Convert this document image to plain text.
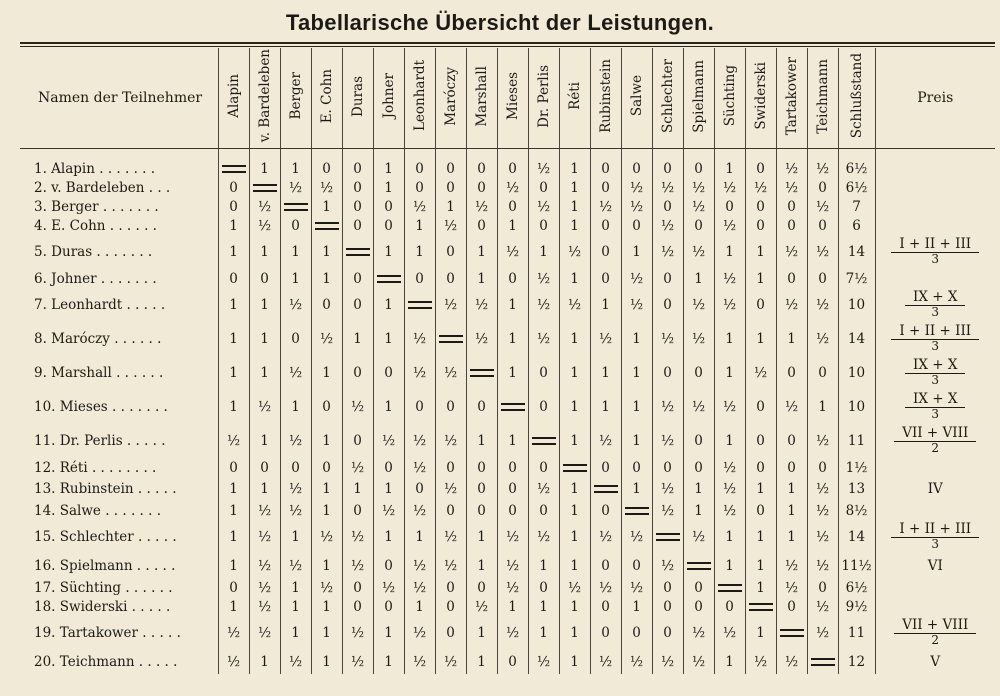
Tabellarische Übersicht der Leistungen.
Namen der Teilnehmer	Alapin	v. Bardeleben	Berger	E. Cohn	Duras	Johner	Leonhardt	Maróczy	Marshall	Mieses	Dr. Perlis	Réti	Rubinstein	Salwe	Schlechter	Spielmann	Süchting	Swiderski	Tartakower	Teichmann	Schlußstand	Preis

1. Alapin . . . . . . .		1	1	0	0	1	0	0	0	0	½	1	0	0	0	0	1	0	½	½	6½	
2. v. Bardeleben . . .	0		½	½	0	1	0	0	0	½	0	1	0	½	½	½	½	½	½	0	6½	
3. Berger . . . . . . .	0	½		1	0	0	½	1	½	0	½	1	½	½	0	½	0	0	0	½	7	
4. E. Cohn . . . . . .	1	½	0		0	0	1	½	0	1	0	1	0	0	½	0	½	0	0	0	6	
5. Duras . . . . . . .	1	1	1	1		1	1	0	1	½	1	½	0	1	½	½	1	1	½	½	14	$\frac{\text{I + II + III}}{3}$

6. Johner . . . . . . .	0	0	1	1	0		0	0	1	0	½	1	0	½	0	1	½	1	0	0	7½	
7. Leonhardt . . . . .	1	1	½	0	0	1		½	½	1	½	½	1	½	0	½	½	0	½	½	10	$\frac{IX + X}{3}$

8. Maróczy . . . . . .	1	1	0	½	1	1	½		½	1	½	1	½	1	½	½	1	1	1	½	14	$\frac{\text{I + II + III}}{3}$

9. Marshall . . . . . .	1	1	½	1	0	0	½	½		1	0	1	1	1	0	0	1	½	0	0	10	$\frac{IX + X}{3}$

10. Mieses . . . . . . .	1	½	1	0	½	1	0	0	0		0	1	1	1	½	½	½	0	½	1	10	$\frac{IX + X}{3}$

11. Dr. Perlis . . . . .	½	1	½	1	0	½	½	½	1	1		1	½	1	½	0	1	0	0	½	11	$\frac{\text{VII + VIII}}{2}$

12. Réti . . . . . . . .	0	0	0	0	½	0	½	0	0	0	0		0	0	0	0	½	0	0	0	1½	
13. Rubinstein . . . . .	1	1	½	1	1	1	0	½	0	0	½	1		1	½	1	½	1	1	½	13	IV
14. Salwe . . . . . . .	1	½	½	1	0	½	½	0	0	0	0	1	0		½	1	½	0	1	½	8½	
15. Schlechter . . . . .	1	½	1	½	½	1	1	½	1	½	½	1	½	½		½	1	1	1	½	14	$\frac{\text{I + II + III}}{3}$

16. Spielmann . . . . .	1	½	½	1	½	0	½	½	1	½	1	1	0	0	½		1	1	½	½	11½	VI
17. Süchting . . . . . .	0	½	1	½	0	½	½	0	0	½	0	½	½	½	0	0		1	½	0	6½	
18. Swiderski . . . . .	1	½	1	1	0	0	1	0	½	1	1	1	0	1	0	0	0		0	½	9½	
19. Tartakower . . . . .	½	½	1	1	½	1	½	0	1	½	1	1	0	0	0	½	½	1		½	11	$\frac{\text{VII + VIII}}{2}$

20. Teichmann . . . . .	½	1	½	1	½	1	½	½	1	0	½	1	½	½	½	½	1	½	½		12	V
